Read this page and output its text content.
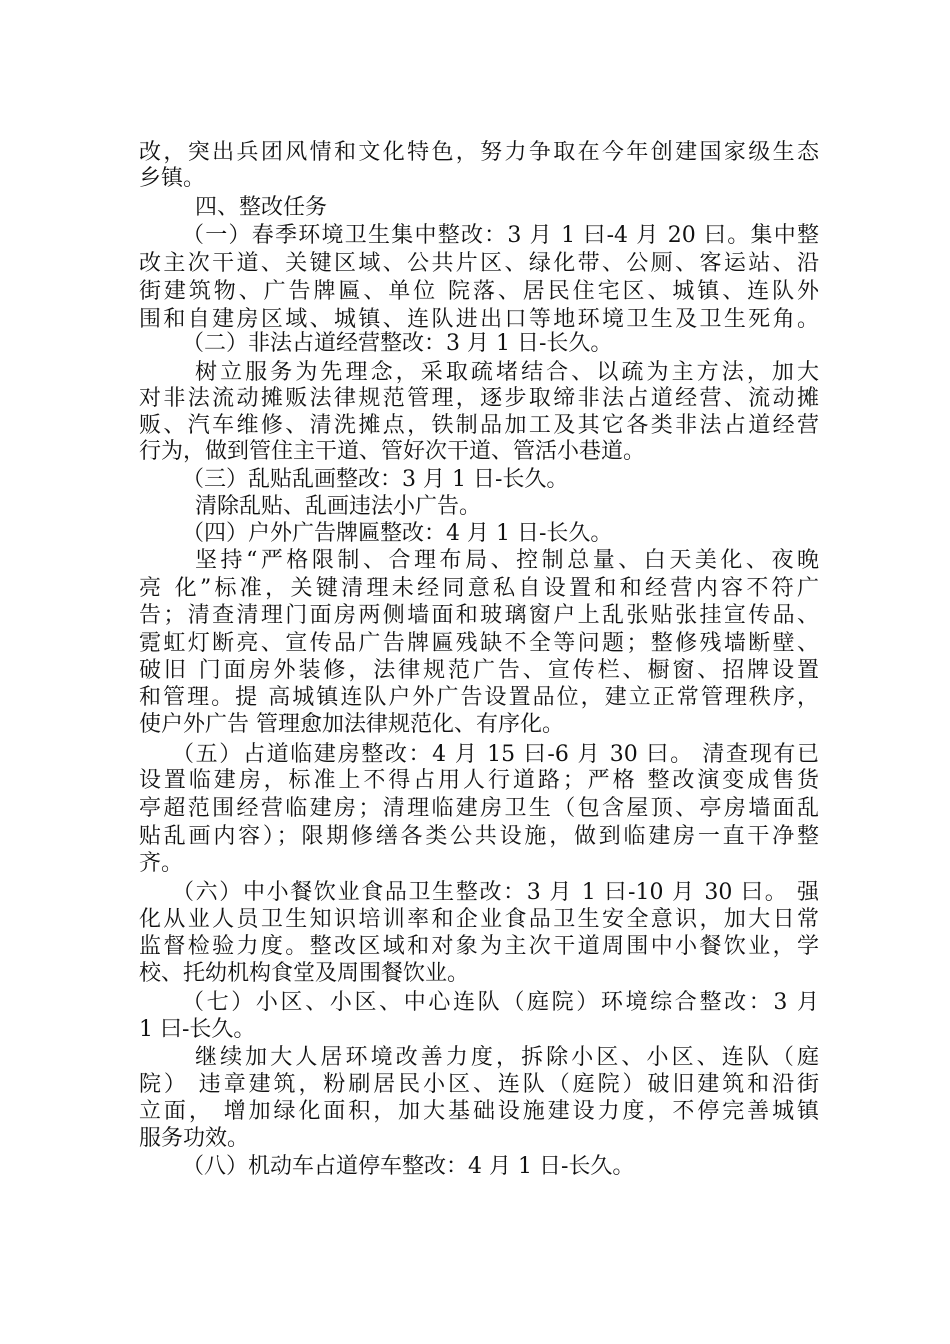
改，突出兵团风情和文化特色，努力争取在今年创建国家级生态
乡镇。
四、整改任务
（一）春季环境卫生集中整改：3 月 1 曰-4 月 20 曰。集中整
改主次干道、关键区域、公共片区、绿化带、公厕、客运站、沿
街建筑物、广告牌匾、单位 院落、居民住宅区、城镇、连队外
围和自建房区域、城镇、连队进出口等地环境卫生及卫生死角。
（二）非法占道经营整改：3 月 1 日-长久。
树立服务为先理念，采取疏堵结合、以疏为主方法，加大
对非法流动摊贩法律规范管理，逐步取缔非法占道经营、流动摊
贩、汽车维修、清洗摊点，铁制品加工及其它各类非法占道经营
行为，做到管住主干道、管好次干道、管活小巷道。
（三）乱贴乱画整改：3 月 1 日-长久。
清除乱贴、乱画违法小广告。
（四）户外广告牌匾整改：4 月 1 日-长久。
坚持“严格限制、合理布局、控制总量、白天美化、夜晚
亮 化”标准，关键清理未经同意私自设置和和经营内容不符广
告；清查清理门面房两侧墙面和玻璃窗户上乱张贴张挂宣传品、
霓虹灯断亮、宣传品广告牌匾残缺不全等问题；整修残墙断壁、
破旧 门面房外装修，法律规范广告、宣传栏、橱窗、招牌设置
和管理。提 高城镇连队户外广告设置品位，建立正常管理秩序，
使户外广告 管理愈加法律规范化、有序化。
（五）占道临建房整改：4 月 15 曰-6 月 30 曰。 清查现有已
设置临建房，标准上不得占用人行道路；严格 整改演变成售货
亭超范围经营临建房；清理临建房卫生（包含屋顶、亭房墙面乱
贴乱画内容）；限期修缮各类公共设施，做到临建房一直干净整
齐。
（六）中小餐饮业食品卫生整改：3 月 1 曰-10 月 30 曰。 强
化从业人员卫生知识培训率和企业食品卫生安全意识，加大日常
监督检验力度。整改区域和对象为主次干道周围中小餐饮业，学
校、托幼机构食堂及周围餐饮业。
（七）小区、小区、中心连队（庭院）环境综合整改：3 月
1 曰-长久。
继续加大人居环境改善力度，拆除小区、小区、连队（庭
院） 违章建筑，粉刷居民小区、连队（庭院）破旧建筑和沿街
立面， 增加绿化面积，加大基础设施建设力度，不停完善城镇
服务功效。
（八）机动车占道停车整改：4 月 1 日-长久。
